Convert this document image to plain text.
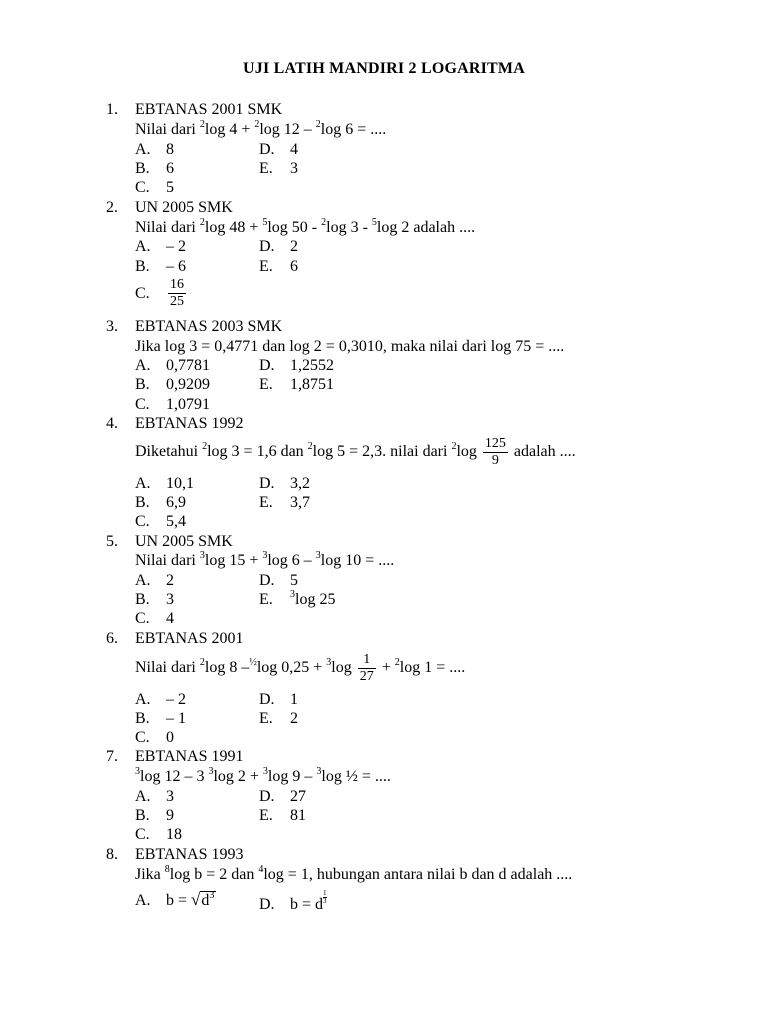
UJI LATIH MANDIRI 2 LOGARITMA
1. EBTANAS 2001 SMK
Nilai dari $^2$log 4 + $^2$log 12 – $^2$log 6 = ....
A. 8	D. 4
B. 6	E. 3
C. 5
2. UN 2005 SMK
Nilai dari $^2$log 48 + $^5$log 50 - $^2$log 3 - $^5$log 2 adalah ....
A. – 2	D. 2
B. – 6	E. 6
C. $\frac{16}{25}$
3. EBTANAS 2003 SMK
Jika log 3 = 0,4771 dan log 2 = 0,3010, maka nilai dari log 75 = ....
A. 0,7781	D. 1,2552
B. 0,9209	E. 1,8751
C. 1,0791
4. EBTANAS 1992
Diketahui $^2$log 3 = 1,6 dan $^2$log 5 = 2,3. nilai dari $^2\log \frac{125}{9}$ adalah ....
A. 10,1	D. 3,2
B. 6,9	E. 3,7
C. 5,4
5. UN 2005 SMK
Nilai dari $^3$log 15 + $^3$log 6 – $^3$log 10 = ....
A. 2	D. 5
B. 3	E. $^3$log 25
C. 4
6. EBTANAS 2001
Nilai dari $^2$log 8 –$^{\frac{1}{2}}$log $0,25 + ^3\log \frac{1}{27} + ^2\log$ 1 = ....
A. – 2	D. 1
B. – 1	E. 2
C. 0
7. EBTANAS 1991
$^3$log 12 – 3 $^3$log 2 + $^3$log 9 – $^3$log ½ = ....
A. 3	D. 27
B. 9	E. 81
C. 18
8. EBTANAS 1993
Jika $^8$log b = 2 dan $^4$log = 1, hubungan antara nilai b dan d adalah ....
A. $b = √d^3$
D. b = d $\frac{1}{3}$
